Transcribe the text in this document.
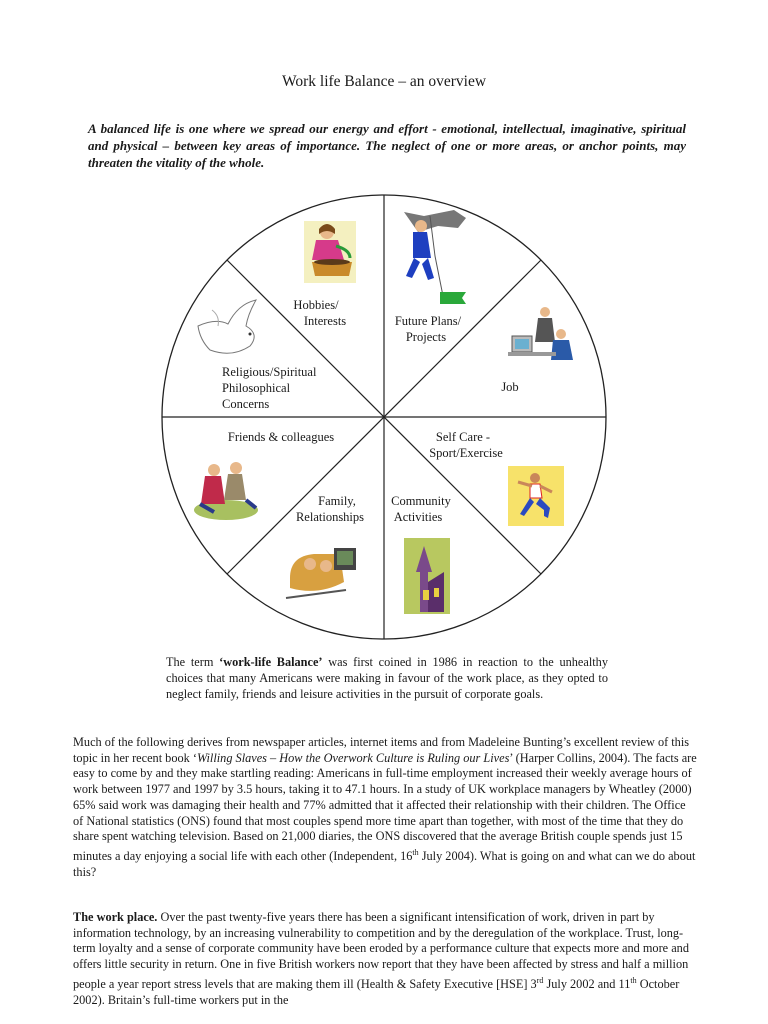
Work life Balance – an overview
A balanced life is one where we spread our energy and effort - emotional, intellectual, imaginative, spiritual and physical – between key areas of importance. The neglect of one or more areas, or anchor points, may threaten the vitality of the whole.
Hobbies/
Interests	Future Plans/
Projects
Job
Self Care -
Sport/Exercise
Community
Activities
Family,
Relationships
Friends & colleagues
Religious/Spiritual
Philosophical
Concerns
The term ‘work-life Balance’ was first coined in 1986 in reaction to the unhealthy choices that many Americans were making in favour of the work place, as they opted to neglect family, friends and leisure activities in the pursuit of corporate goals.
Much of the following derives from newspaper articles, internet items and from Madeleine Bunting’s excellent review of this topic in her recent book ‘Willing Slaves – How the Overwork Culture is Ruling our Lives’ (Harper Collins, 2004). The facts are easy to come by and they make startling reading: Americans in full-time employment increased their weekly average hours of work between 1977 and 1997 by 3.5 hours, taking it to 47.1 hours. In a study of UK workplace managers by Wheatley (2000) 65% said work was damaging their health and 77% admitted that it affected their relationship with their children. The Office of National statistics (ONS) found that most couples spend more time apart than together, with most of the time that they do share spent watching television. Based on 21,000 diaries, the ONS discovered that the average British couple spends just 15 minutes a day enjoying a social life with each other (Independent, 16th July 2004). What is going on and what can we do about this?
The work place. Over the past twenty-five years there has been a significant intensification of work, driven in part by information technology, by an increasing vulnerability to competition and by the deregulation of the workplace. Trust, long-term loyalty and a sense of corporate community have been eroded by a performance culture that expects more and more and offers little security in return. One in five British workers now report that they have been affected by stress and half a million people a year report stress levels that are making them ill (Health & Safety Executive [HSE] 3rd July 2002 and 11th October 2002). Britain’s full-time workers put in the
